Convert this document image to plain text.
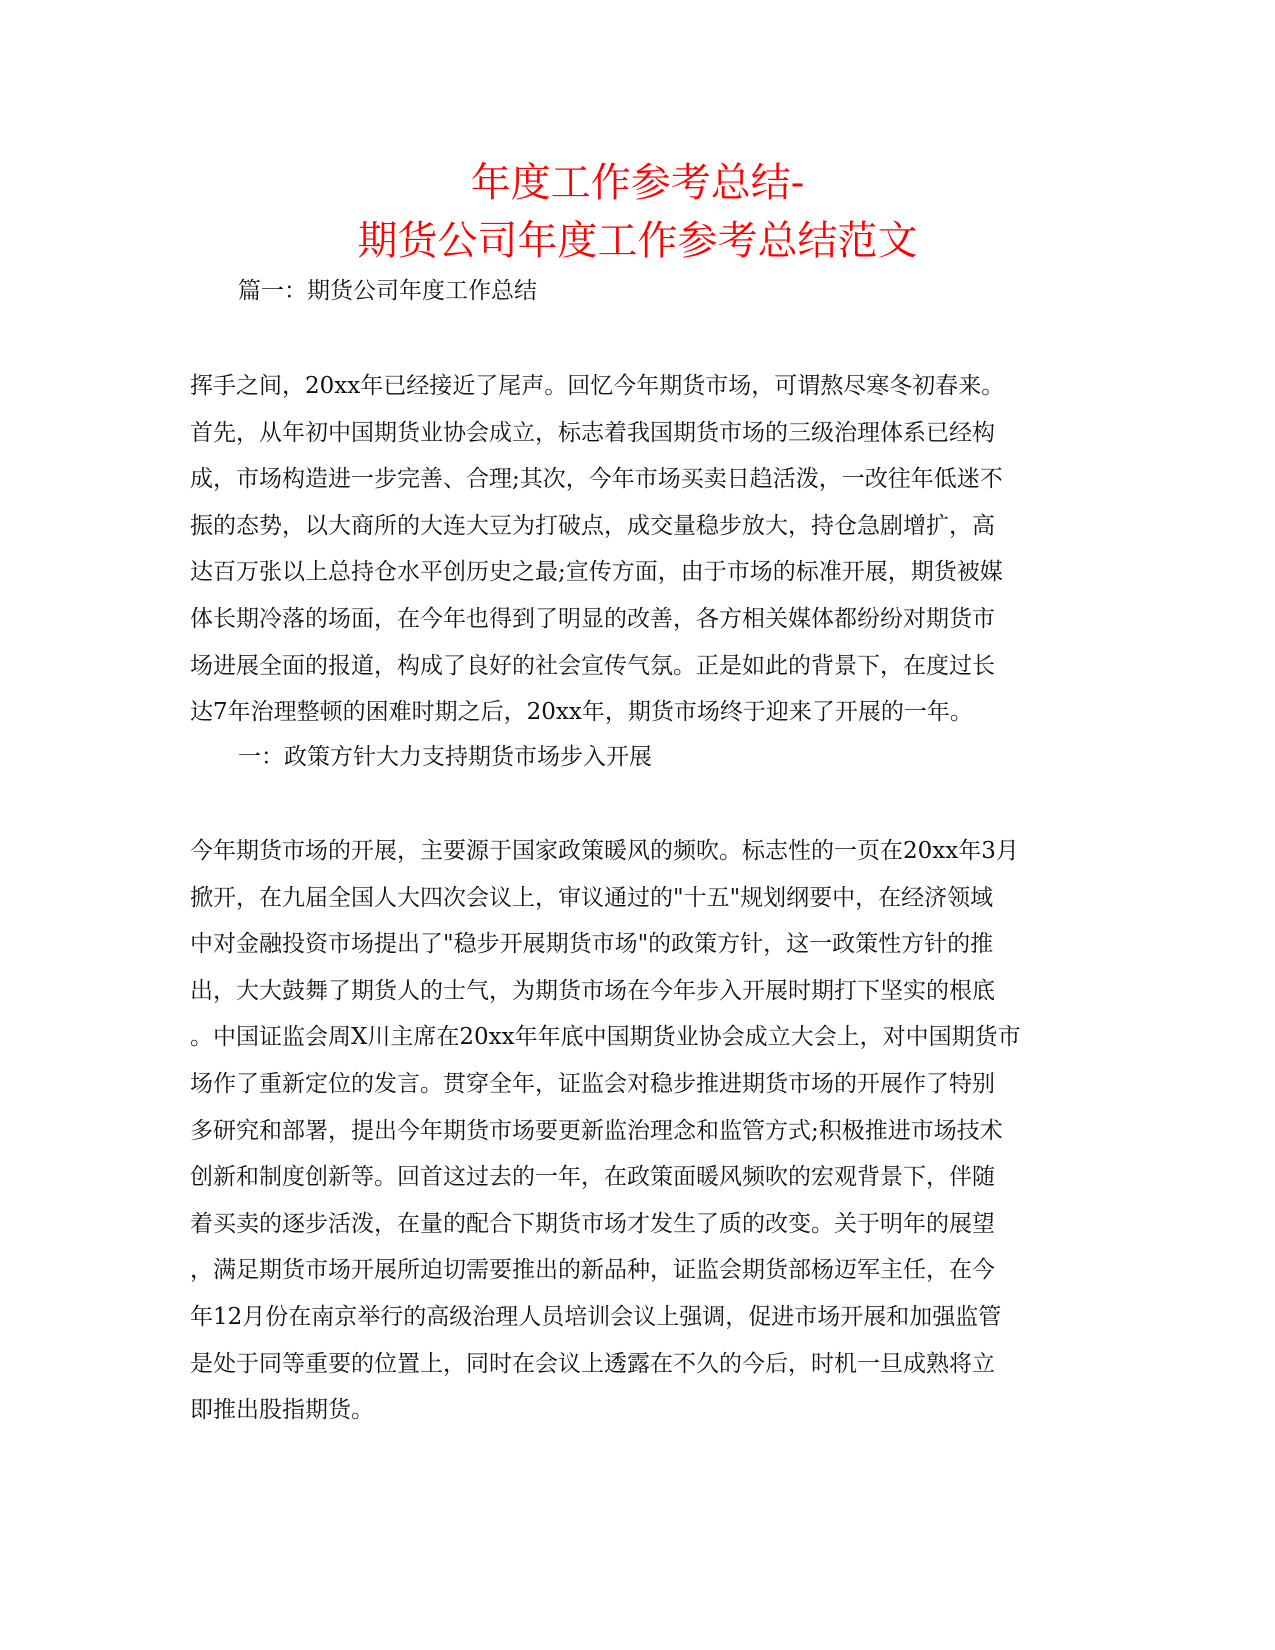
年度工作参考总结-
期货公司年度工作参考总结范文
篇一：期货公司年度工作总结
挥手之间，20xx年已经接近了尾声。回忆今年期货市场，可谓熬尽寒冬初春来。
首先，从年初中国期货业协会成立，标志着我国期货市场的三级治理体系已经构
成，市场构造进一步完善、合理;其次，今年市场买卖日趋活泼，一改往年低迷不
振的态势，以大商所的大连大豆为打破点，成交量稳步放大，持仓急剧增扩，高
达百万张以上总持仓水平创历史之最;宣传方面，由于市场的标准开展，期货被媒
体长期冷落的场面，在今年也得到了明显的改善，各方相关媒体都纷纷对期货市
场进展全面的报道，构成了良好的社会宣传气氛。正是如此的背景下，在度过长
达7年治理整顿的困难时期之后，20xx年，期货市场终于迎来了开展的一年。
一：政策方针大力支持期货市场步入开展
今年期货市场的开展，主要源于国家政策暖风的频吹。标志性的一页在20xx年3月
掀开，在九届全国人大四次会议上，审议通过的"十五"规划纲要中，在经济领域
中对金融投资市场提出了"稳步开展期货市场"的政策方针，这一政策性方针的推
出，大大鼓舞了期货人的士气，为期货市场在今年步入开展时期打下坚实的根底
。中国证监会周X川主席在20xx年年底中国期货业协会成立大会上，对中国期货市
场作了重新定位的发言。贯穿全年，证监会对稳步推进期货市场的开展作了特别
多研究和部署，提出今年期货市场要更新监治理念和监管方式;积极推进市场技术
创新和制度创新等。回首这过去的一年，在政策面暖风频吹的宏观背景下，伴随
着买卖的逐步活泼，在量的配合下期货市场才发生了质的改变。关于明年的展望
，满足期货市场开展所迫切需要推出的新品种，证监会期货部杨迈军主任，在今
年12月份在南京举行的高级治理人员培训会议上强调，促进市场开展和加强监管
是处于同等重要的位置上，同时在会议上透露在不久的今后，时机一旦成熟将立
即推出股指期货。
